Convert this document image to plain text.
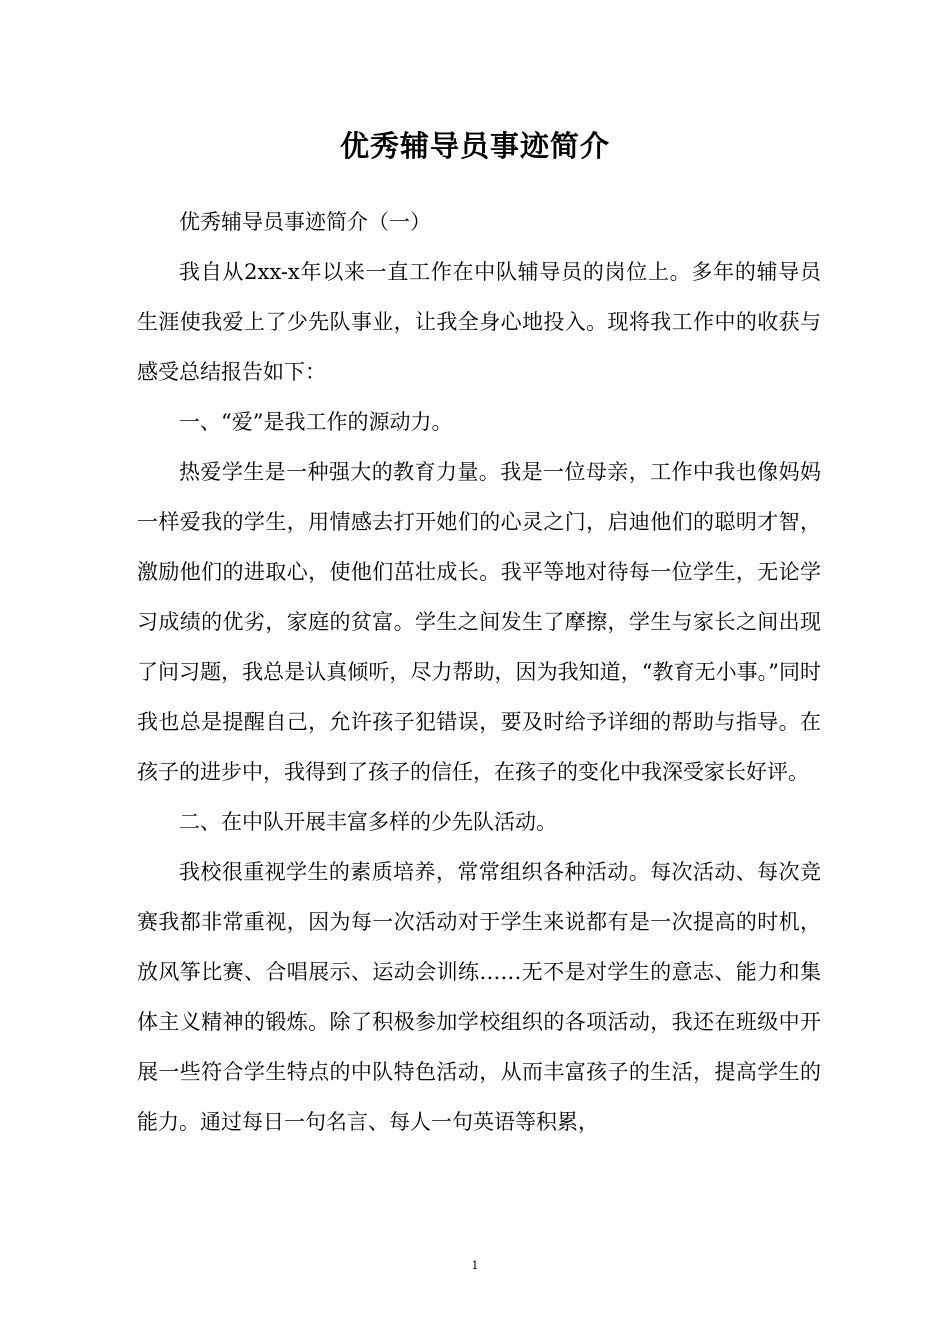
优秀辅导员事迹简介

优秀辅导员事迹简介（一）

我自从2xx-x年以来一直工作在中队辅导员的岗位上。多年的辅导员生涯使我爱上了少先队事业，让我全身心地投入。现将我工作中的收获与感受总结报告如下：

一、“爱”是我工作的源动力。

热爱学生是一种强大的教育力量。我是一位母亲，工作中我也像妈妈一样爱我的学生，用情感去打开她们的心灵之门，启迪他们的聪明才智，激励他们的进取心，使他们茁壮成长。我平等地对待每一位学生，无论学习成绩的优劣，家庭的贫富。学生之间发生了摩擦，学生与家长之间出现了问习题，我总是认真倾听，尽力帮助，因为我知道，“教育无小事。”同时我也总是提醒自己，允许孩子犯错误，要及时给予详细的帮助与指导。在孩子的进步中，我得到了孩子的信任，在孩子的变化中我深受家长好评。

二、在中队开展丰富多样的少先队活动。

我校很重视学生的素质培养，常常组织各种活动。每次活动、每次竞赛我都非常重视，因为每一次活动对于学生来说都有是一次提高的时机，放风筝比赛、合唱展示、运动会训练……无不是对学生的意志、能力和集体主义精神的锻炼。除了积极参加学校组织的各项活动，我还在班级中开展一些符合学生特点的中队特色活动，从而丰富孩子的生活，提高学生的能力。通过每日一句名言、每人一句英语等积累，

1
